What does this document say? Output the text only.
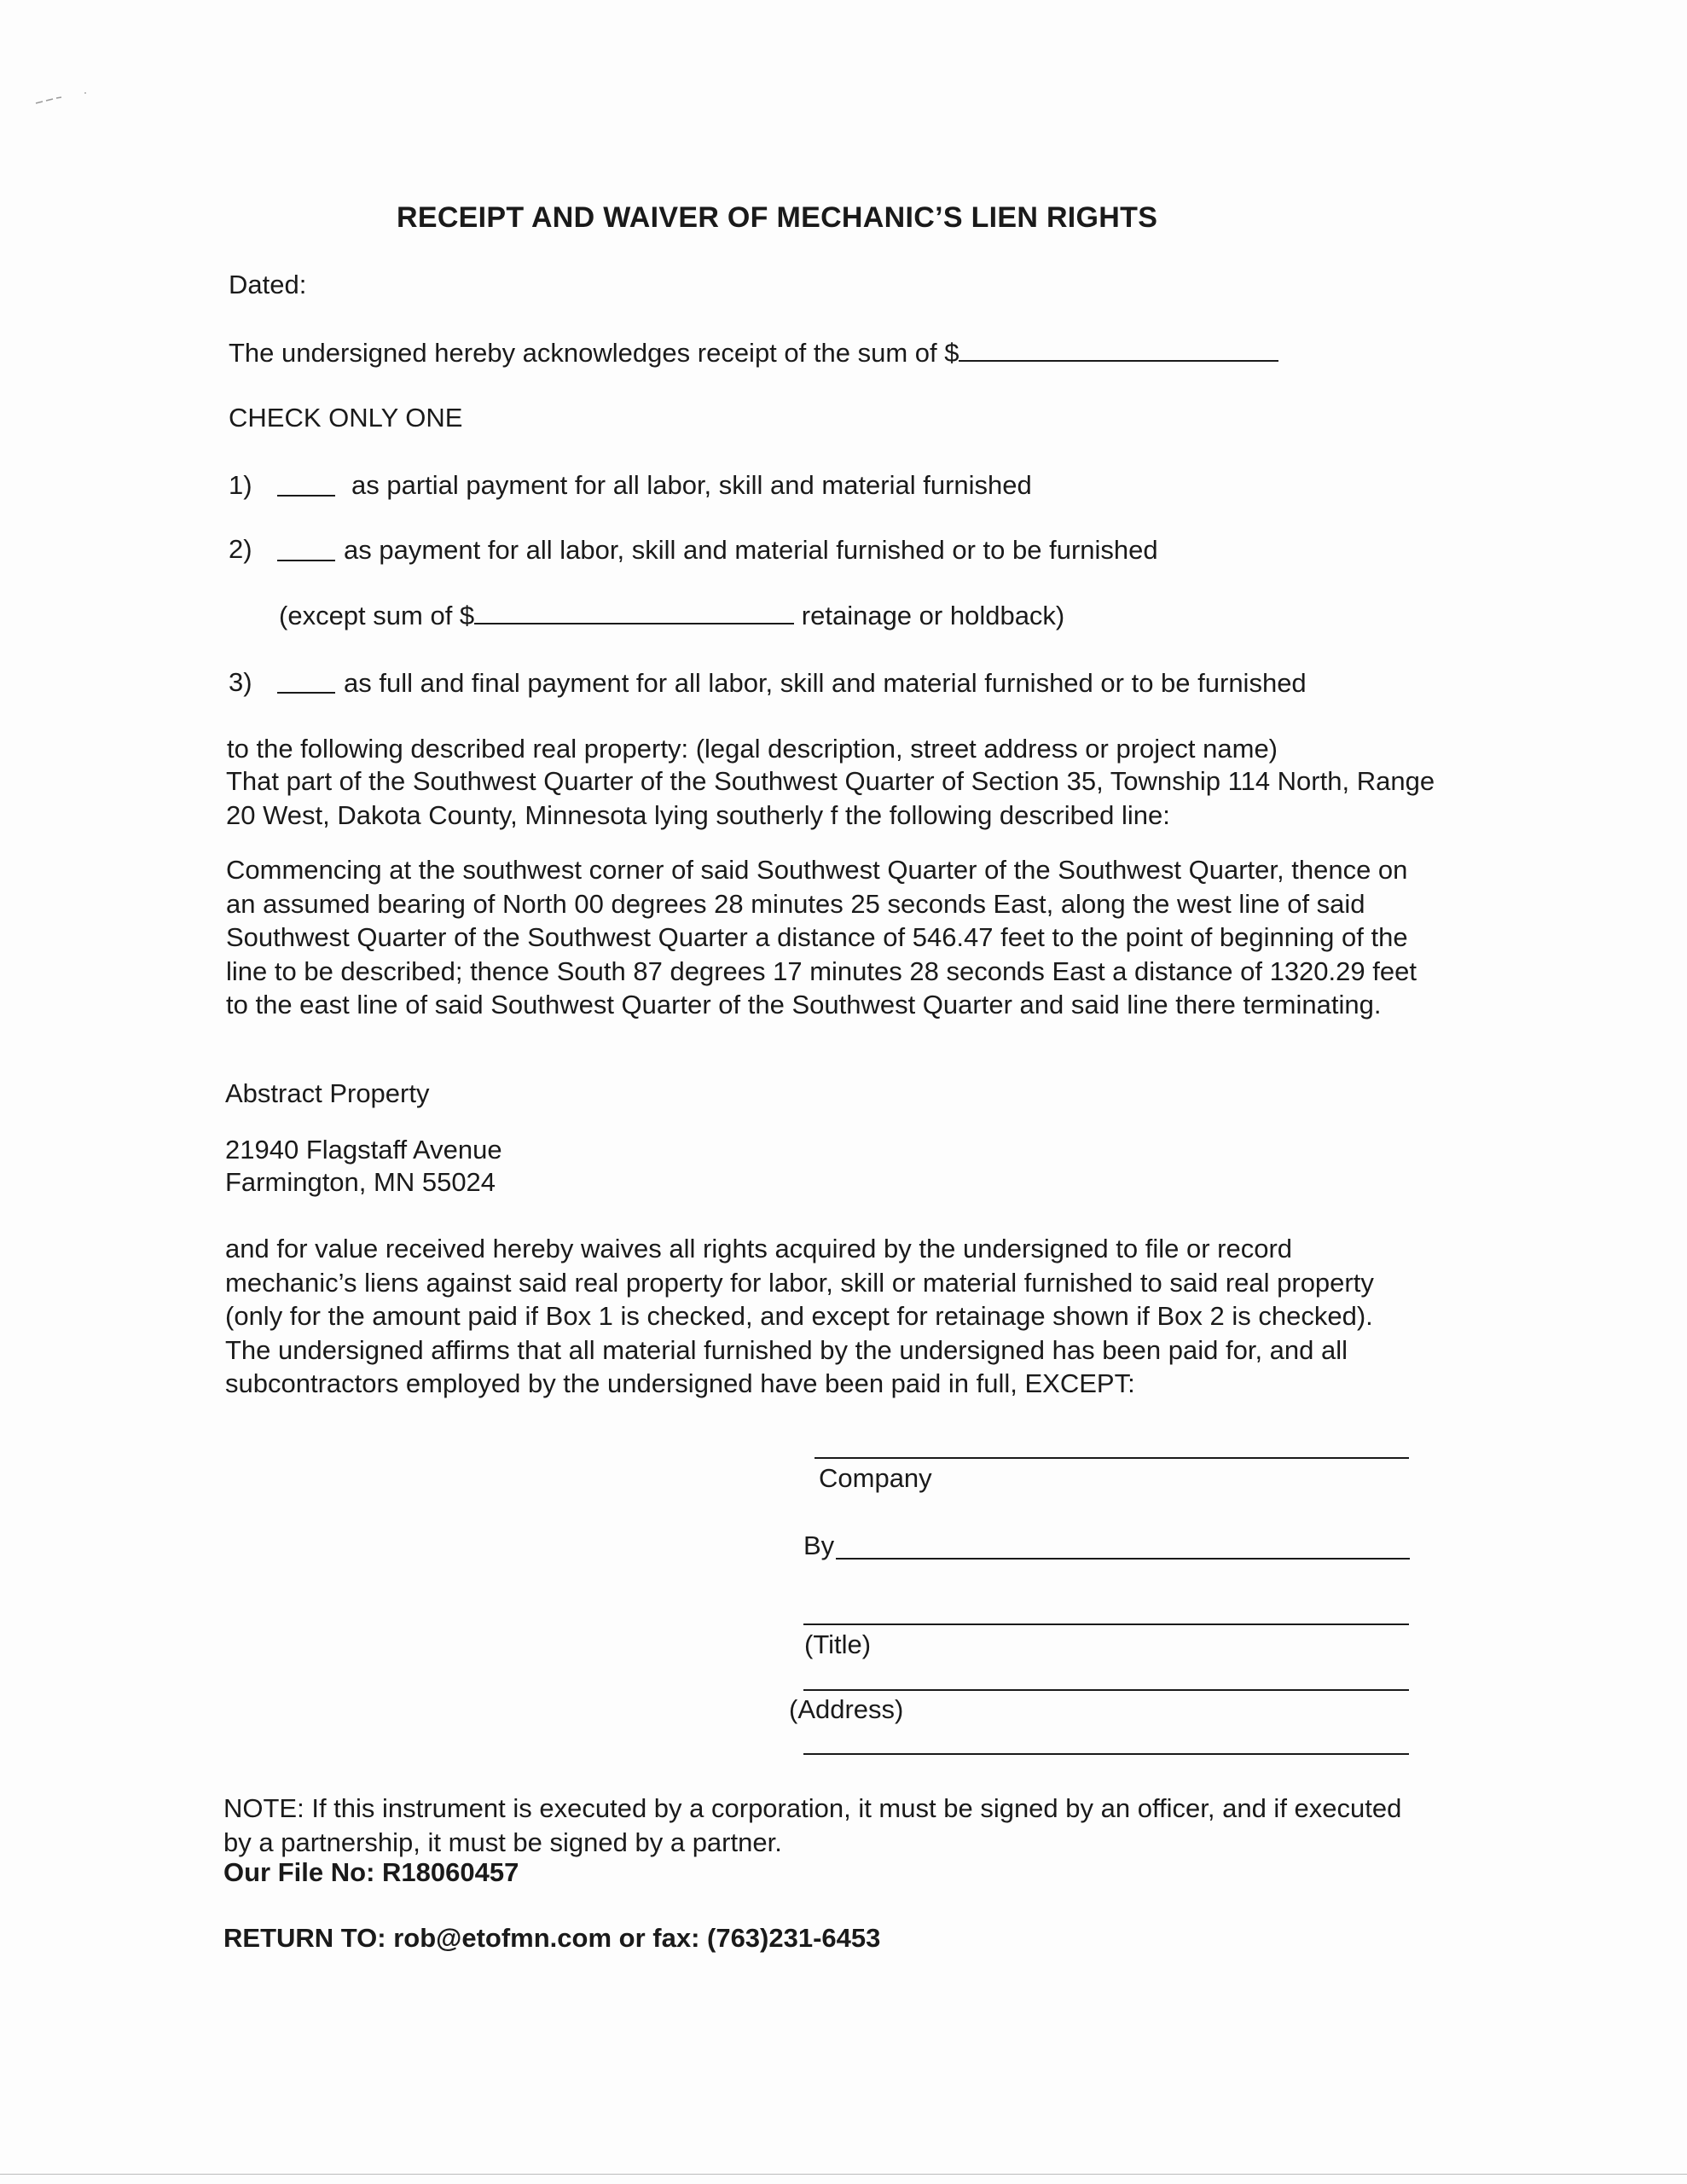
RECEIPT AND WAIVER OF MECHANIC’S LIEN RIGHTS
Dated:
The undersigned hereby acknowledges receipt of the sum of $
CHECK ONLY ONE
1)	as partial payment for all labor, skill and material furnished
2)	as payment for all labor, skill and material furnished or to be furnished
(except sum of $	retainage or holdback)
3)	as full and final payment for all labor, skill and material furnished or to be furnished
to the following described real property: (legal description, street address or project name)

That part of the Southwest Quarter of the Southwest Quarter of Section 35, Township 114 North, Range 20 West, Dakota County, Minnesota lying southerly f the following described line:

Commencing at the southwest corner of said Southwest Quarter of the Southwest Quarter, thence on an assumed bearing of North 00 degrees 28 minutes 25 seconds East, along the west line of said Southwest Quarter of the Southwest Quarter a distance of 546.47 feet to the point of beginning of the line to be described; thence South 87 degrees 17 minutes 28 seconds East a distance of 1320.29 feet to the east line of said Southwest Quarter of the Southwest Quarter and said line there terminating.

Abstract Property
21940 Flagstaff Avenue
Farmington, MN 55024

and for value received hereby waives all rights acquired by the undersigned to file or record mechanic’s liens against said real property for labor, skill or material furnished to said real property (only for the amount paid if Box 1 is checked, and except for retainage shown if Box 2 is checked). The undersigned affirms that all material furnished by the undersigned has been paid for, and all subcontractors employed by the undersigned have been paid in full, EXCEPT:

Company
By
(Title)
(Address)

NOTE: If this instrument is executed by a corporation, it must be signed by an officer, and if executed by a partnership, it must be signed by a partner.

Our File No: R18060457
RETURN TO: rob@etofmn.com or fax: (763)231-6453
